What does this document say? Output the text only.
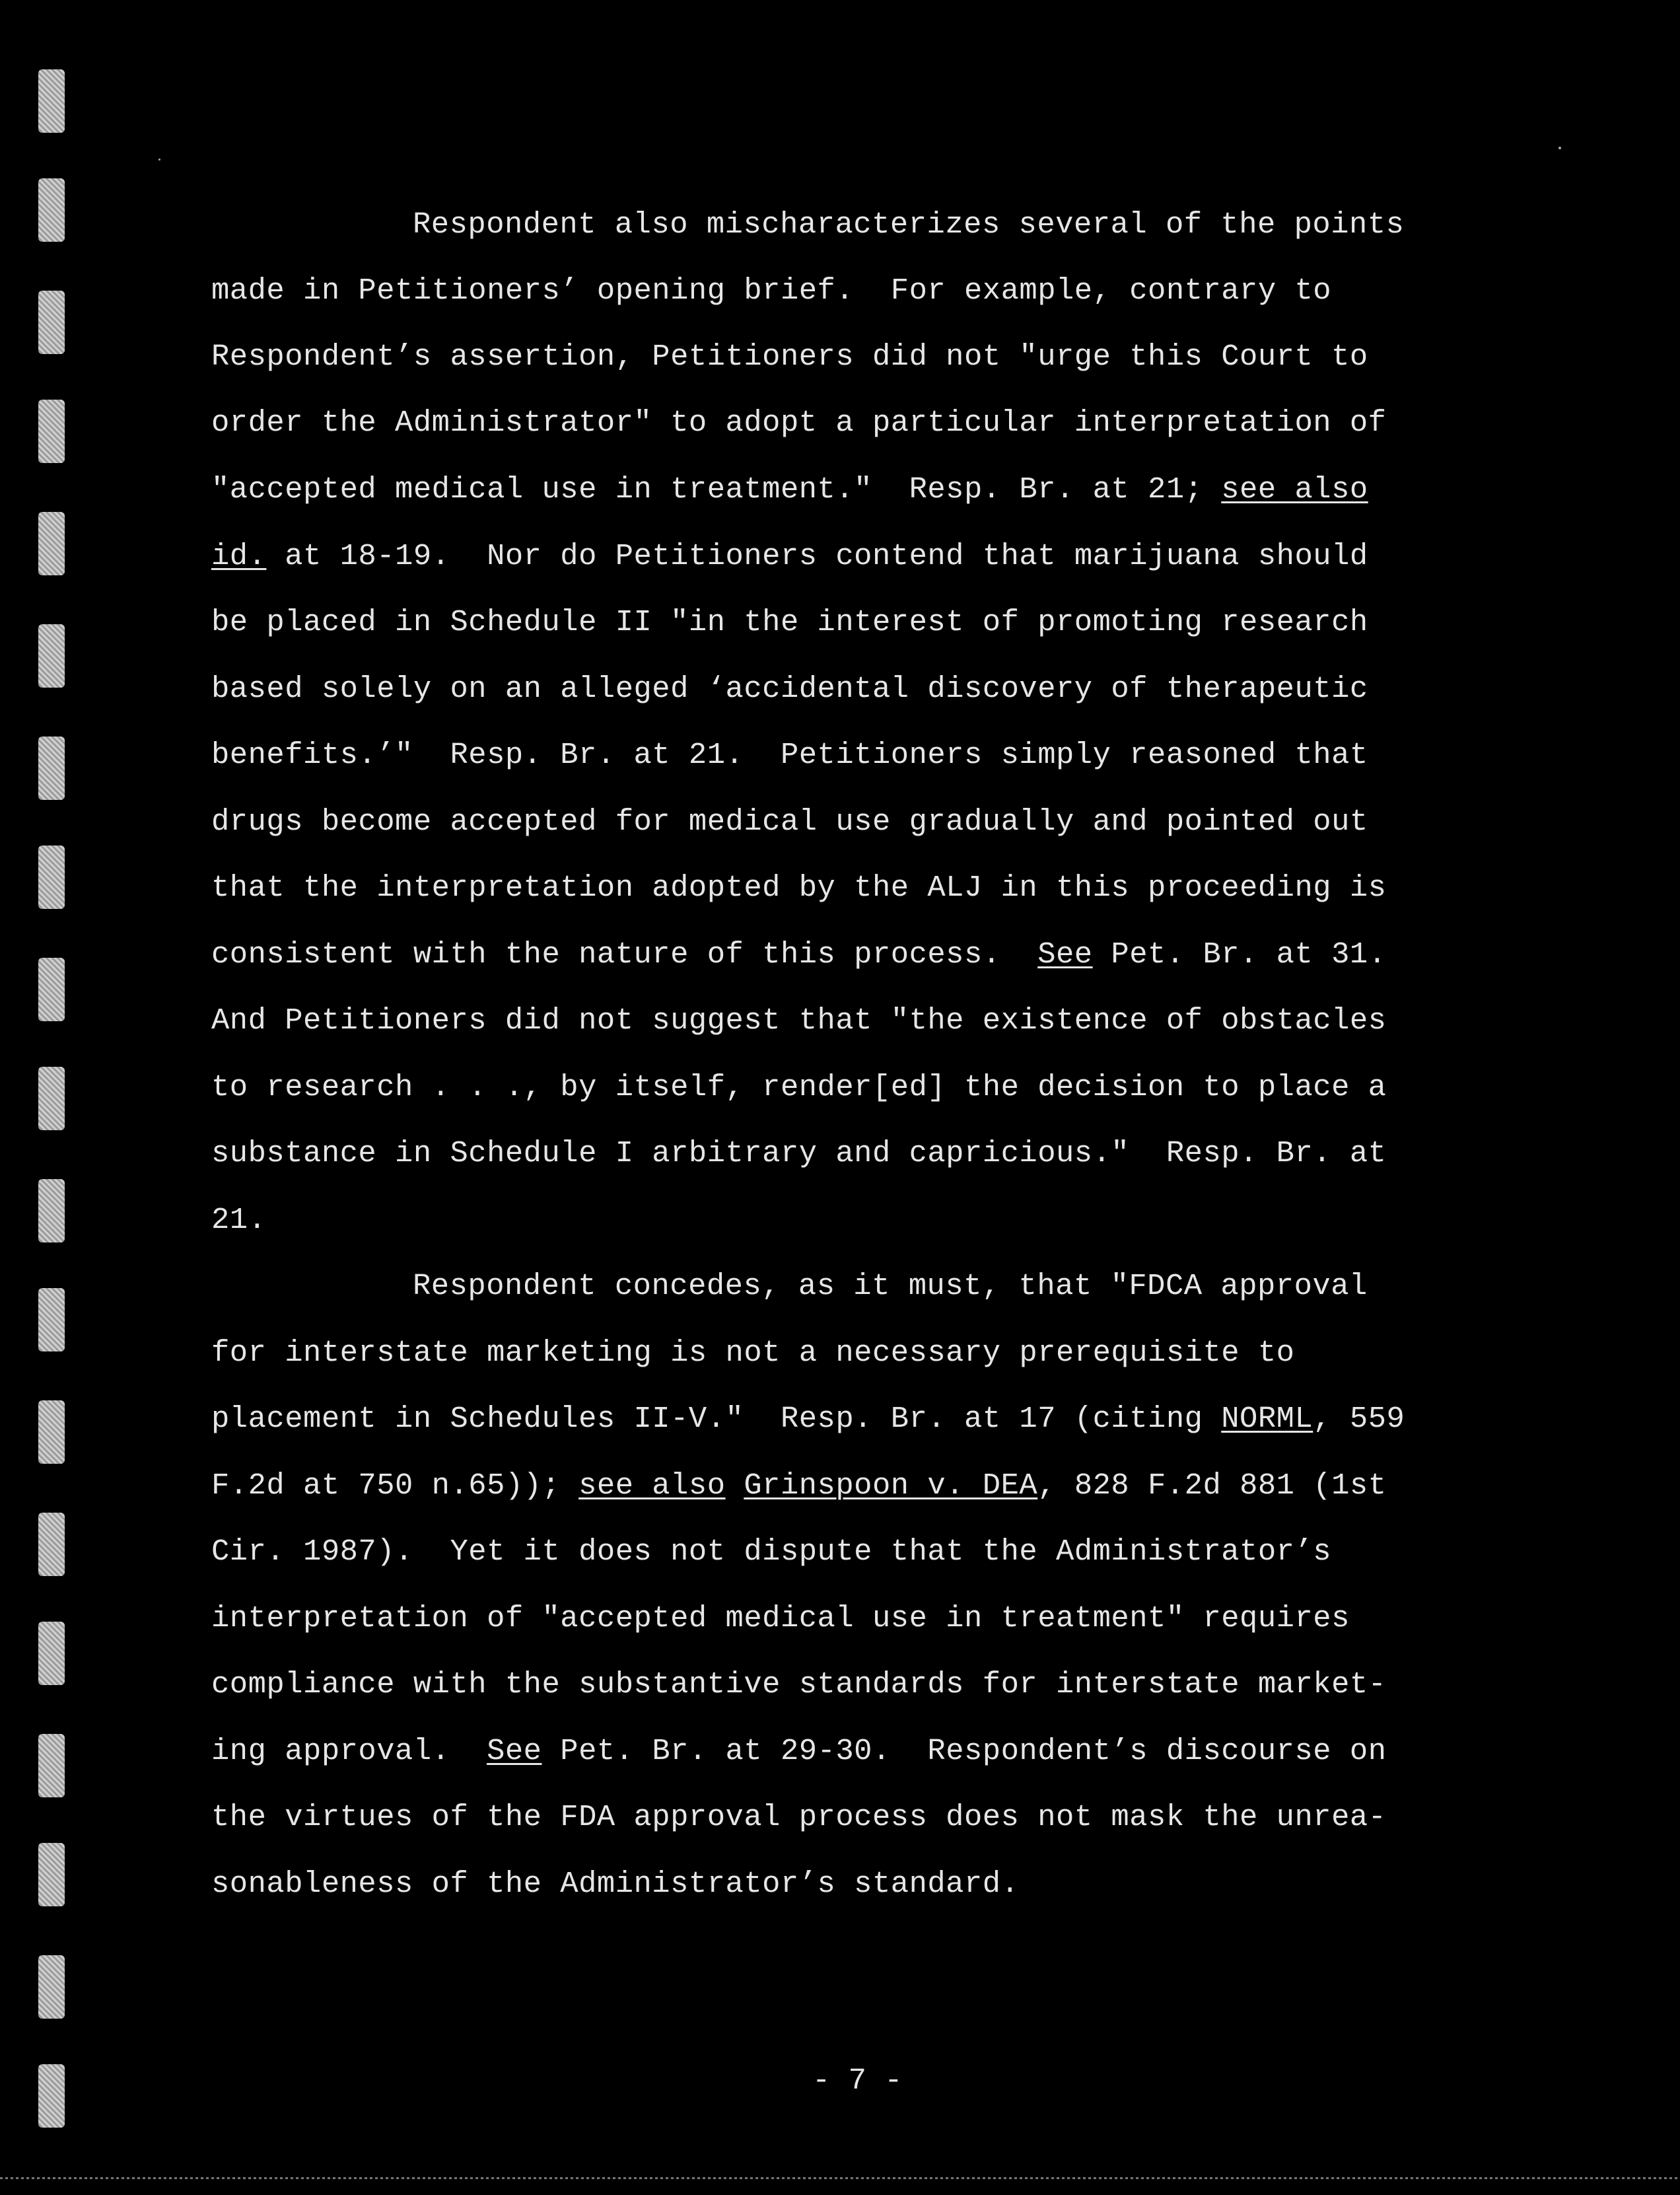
Respondent also mischaracterizes several of the points
made in Petitioners’ opening brief.  For example, contrary to
Respondent’s assertion, Petitioners did not "urge this Court to
order the Administrator" to adopt a particular interpretation of
"accepted medical use in treatment."  Resp. Br. at 21; see also
id. at 18-19.  Nor do Petitioners contend that marijuana should
be placed in Schedule II "in the interest of promoting research
based solely on an alleged ‘accidental discovery of therapeutic
benefits.’"  Resp. Br. at 21.  Petitioners simply reasoned that
drugs become accepted for medical use gradually and pointed out
that the interpretation adopted by the ALJ in this proceeding is
consistent with the nature of this process.  See Pet. Br. at 31.
And Petitioners did not suggest that "the existence of obstacles
to research . . ., by itself, render[ed] the decision to place a
substance in Schedule I arbitrary and capricious."  Resp. Br. at
21.
Respondent concedes, as it must, that "FDCA approval
for interstate marketing is not a necessary prerequisite to
placement in Schedules II-V."  Resp. Br. at 17 (citing NORML, 559
F.2d at 750 n.65)); see also Grinspoon v. DEA, 828 F.2d 881 (1st
Cir. 1987).  Yet it does not dispute that the Administrator’s
interpretation of "accepted medical use in treatment" requires
compliance with the substantive standards for interstate market-
ing approval.  See Pet. Br. at 29-30.  Respondent’s discourse on
the virtues of the FDA approval process does not mask the unrea-
sonableness of the Administrator’s standard.
- 7 -
